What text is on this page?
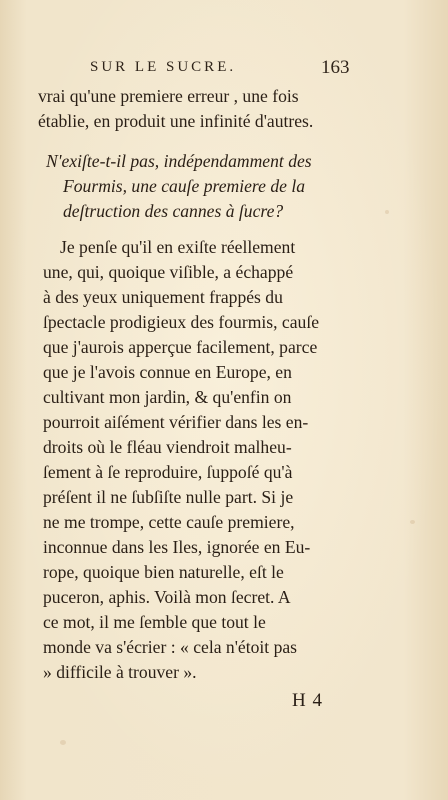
SUR LE SUCRE.	163
vrai qu'une premiere erreur , une fois
établie, en produit une infinité d'autres.
N'exiſte-t-il pas, indépendamment des
Fourmis, une cauſe premiere de la
deſtruction des cannes à ſucre?
Je penſe qu'il en exiſte réellement
une, qui, quoique viſible, a échappé
à des yeux uniquement frappés du
ſpectacle prodigieux des fourmis, cauſe
que j'aurois apperçue facilement, parce
que je l'avois connue en Europe, en
cultivant mon jardin, & qu'enfin on
pourroit aiſément vérifier dans les en-
droits où le fléau viendroit malheu-
ſement à ſe reproduire, ſuppoſé qu'à
préſent il ne ſubſiſte nulle part. Si je
ne me trompe, cette cauſe premiere,
inconnue dans les Iles, ignorée en Eu-
rope, quoique bien naturelle, eſt le
puceron, aphis. Voilà mon ſecret. A
ce mot, il me ſemble que tout le
monde va s'écrier : « cela n'étoit pas
» difficile à trouver ».
H 4
